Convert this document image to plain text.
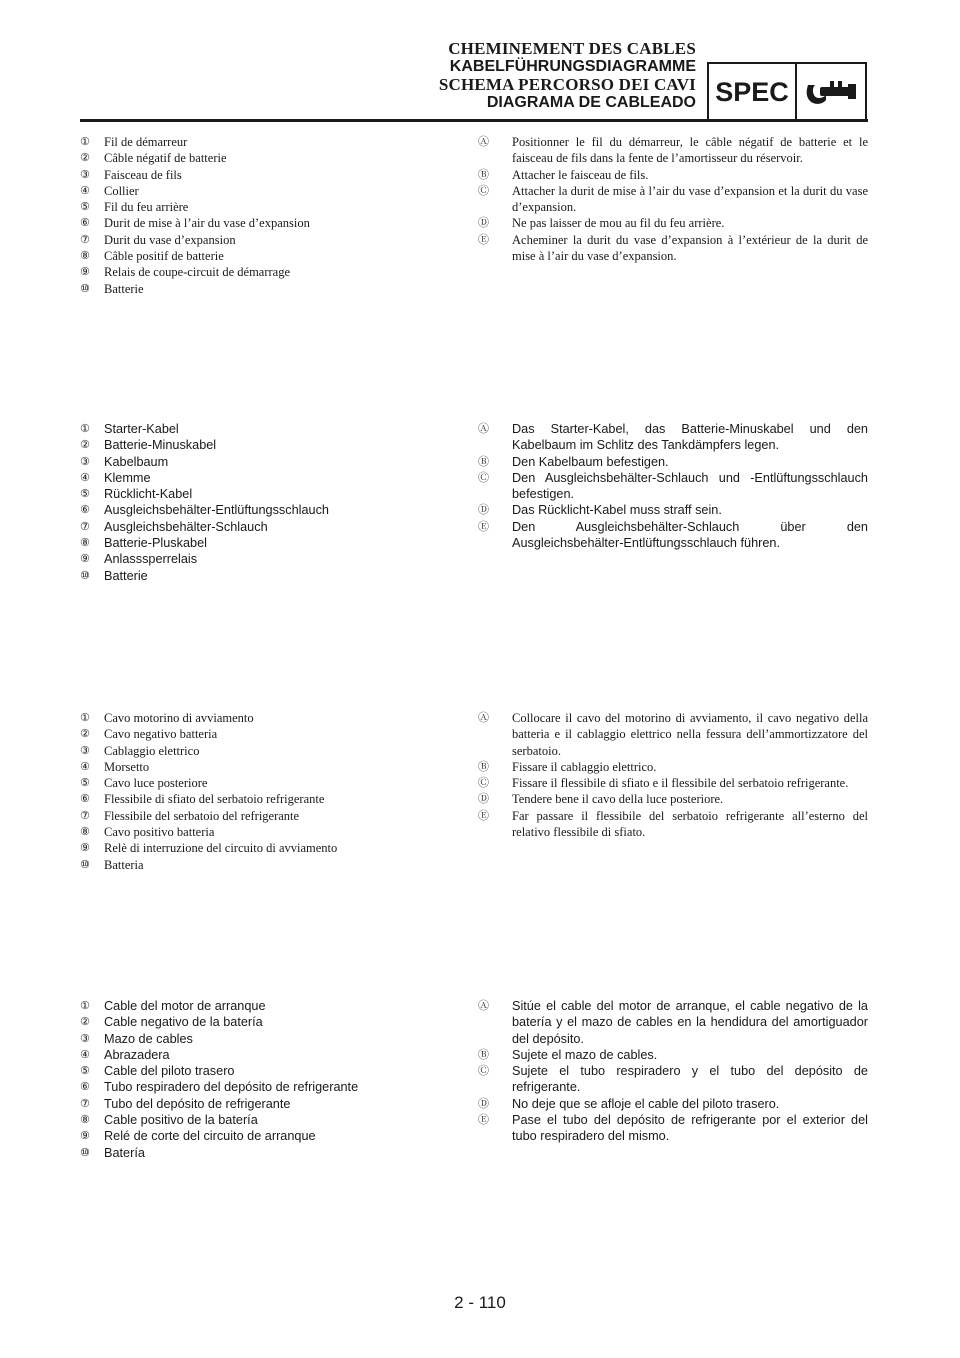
CHEMINEMENT DES CABLES
KABELFÜHRUNGSDIAGRAMME
SCHEMA PERCORSO DEI CAVI
DIAGRAMA DE CABLEADO SPEC
①	Fil de démarreur
②	Câble négatif de batterie
③	Faisceau de fils
④	Collier
⑤	Fil du feu arrière
⑥	Durit de mise à l’air du vase d’expansion
⑦	Durit du vase d’expansion
⑧	Câble positif de batterie
⑨	Relais de coupe-circuit de démarrage
⑩	Batterie
Ⓐ	Positionner le fil du démarreur, le câble négatif de batterie et le faisceau de fils dans la fente de l’amortisseur du réservoir.
Ⓑ	Attacher le faisceau de fils.
Ⓒ	Attacher la durit de mise à l’air du vase d’expansion et la durit du vase d’expansion.
Ⓓ	Ne pas laisser de mou au fil du feu arrière.
Ⓔ	Acheminer la durit du vase d’expansion à l’extérieur de la durit de mise à l’air du vase d’expansion.
①	Starter-Kabel
②	Batterie-Minuskabel
③	Kabelbaum
④	Klemme
⑤	Rücklicht-Kabel
⑥	Ausgleichsbehälter-Entlüftungsschlauch
⑦	Ausgleichsbehälter-Schlauch
⑧	Batterie-Pluskabel
⑨	Anlasssperrelais
⑩	Batterie
Ⓐ	Das Starter-Kabel, das Batterie-Minuskabel und den Kabelbaum im Schlitz des Tankdämpfers legen.
Ⓑ	Den Kabelbaum befestigen.
Ⓒ	Den Ausgleichsbehälter-Schlauch und -Entlüftungsschlauch befestigen.
Ⓓ	Das Rücklicht-Kabel muss straff sein.
Ⓔ	Den Ausgleichsbehälter-Schlauch über den Ausgleichsbehälter-Entlüftungsschlauch führen.
①	Cavo motorino di avviamento
②	Cavo negativo batteria
③	Cablaggio elettrico
④	Morsetto
⑤	Cavo luce posteriore
⑥	Flessibile di sfiato del serbatoio refrigerante
⑦	Flessibile del serbatoio del refrigerante
⑧	Cavo positivo batteria
⑨	Relè di interruzione del circuito di avviamento
⑩	Batteria
Ⓐ	Collocare il cavo del motorino di avviamento, il cavo negativo della batteria e il cablaggio elettrico nella fessura dell’ammortizzatore del serbatoio.
Ⓑ	Fissare il cablaggio elettrico.
Ⓒ	Fissare il flessibile di sfiato e il flessibile del serbatoio refrigerante.
Ⓓ	Tendere bene il cavo della luce posteriore.
Ⓔ	Far passare il flessibile del serbatoio refrigerante all’esterno del relativo flessibile di sfiato.
①	Cable del motor de arranque
②	Cable negativo de la batería
③	Mazo de cables
④	Abrazadera
⑤	Cable del piloto trasero
⑥	Tubo respiradero del depósito de refrigerante
⑦	Tubo del depósito de refrigerante
⑧	Cable positivo de la batería
⑨	Relé de corte del circuito de arranque
⑩	Batería
Ⓐ	Sitúe el cable del motor de arranque, el cable negativo de la batería y el mazo de cables en la hendidura del amortiguador del depósito.
Ⓑ	Sujete el mazo de cables.
Ⓒ	Sujete el tubo respiradero y el tubo del depósito de refrigerante.
Ⓓ	No deje que se afloje el cable del piloto trasero.
Ⓔ	Pase el tubo del depósito de refrigerante por el exterior del tubo respiradero del mismo.
2 - 110
